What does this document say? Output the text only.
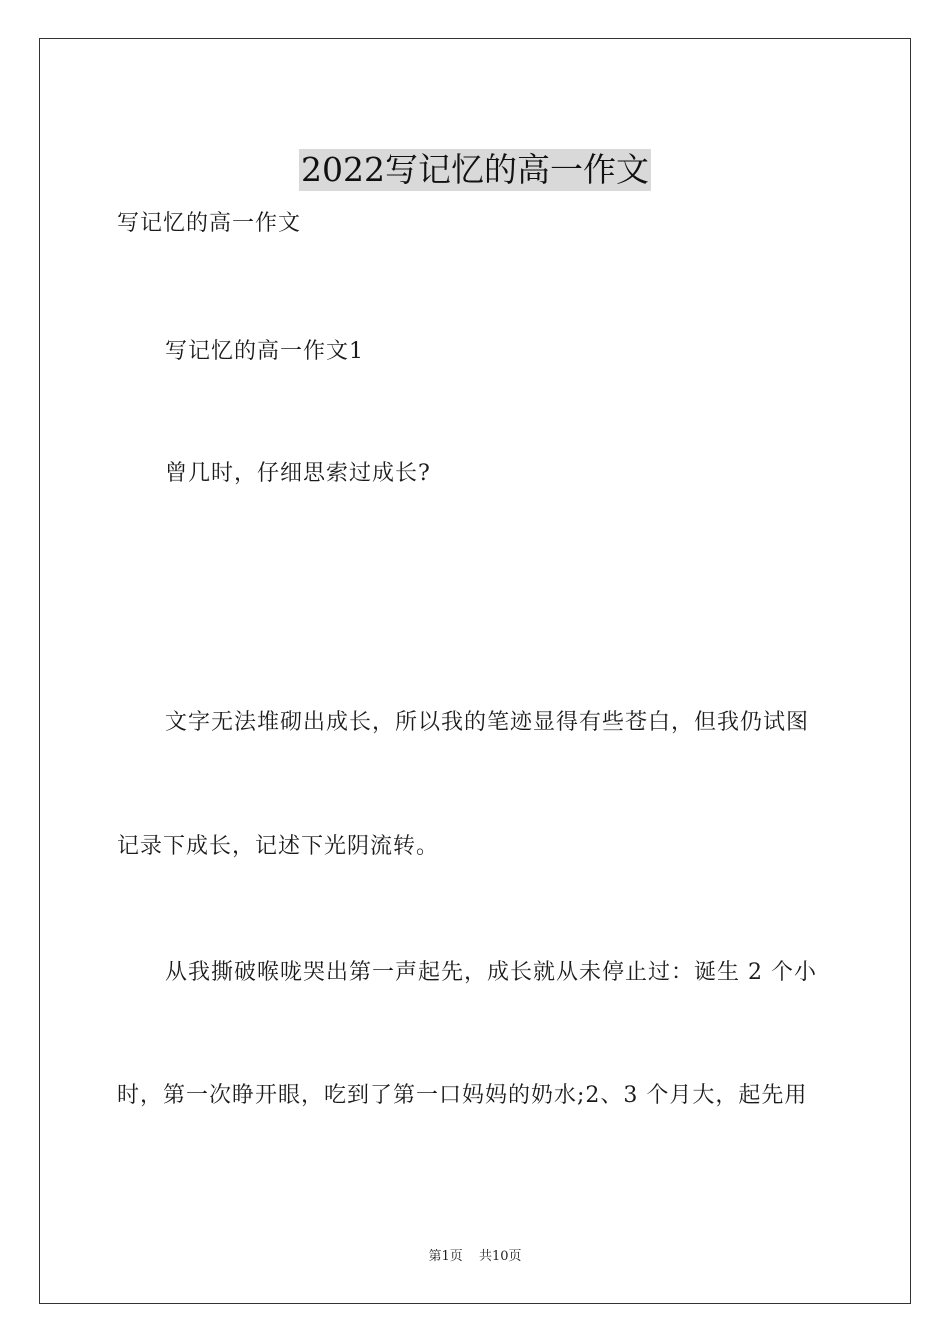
2022写记忆的高一作文
写记忆的高一作文
写记忆的高一作文1
曾几时，仔细思索过成长?
文字无法堆砌出成长，所以我的笔迹显得有些苍白，但我仍试图
记录下成长，记述下光阴流转。
从我撕破喉咙哭出第一声起先，成长就从未停止过：诞生 2 个小
时，第一次睁开眼，吃到了第一口妈妈的奶水;2、3 个月大，起先用
第1页 共10页
